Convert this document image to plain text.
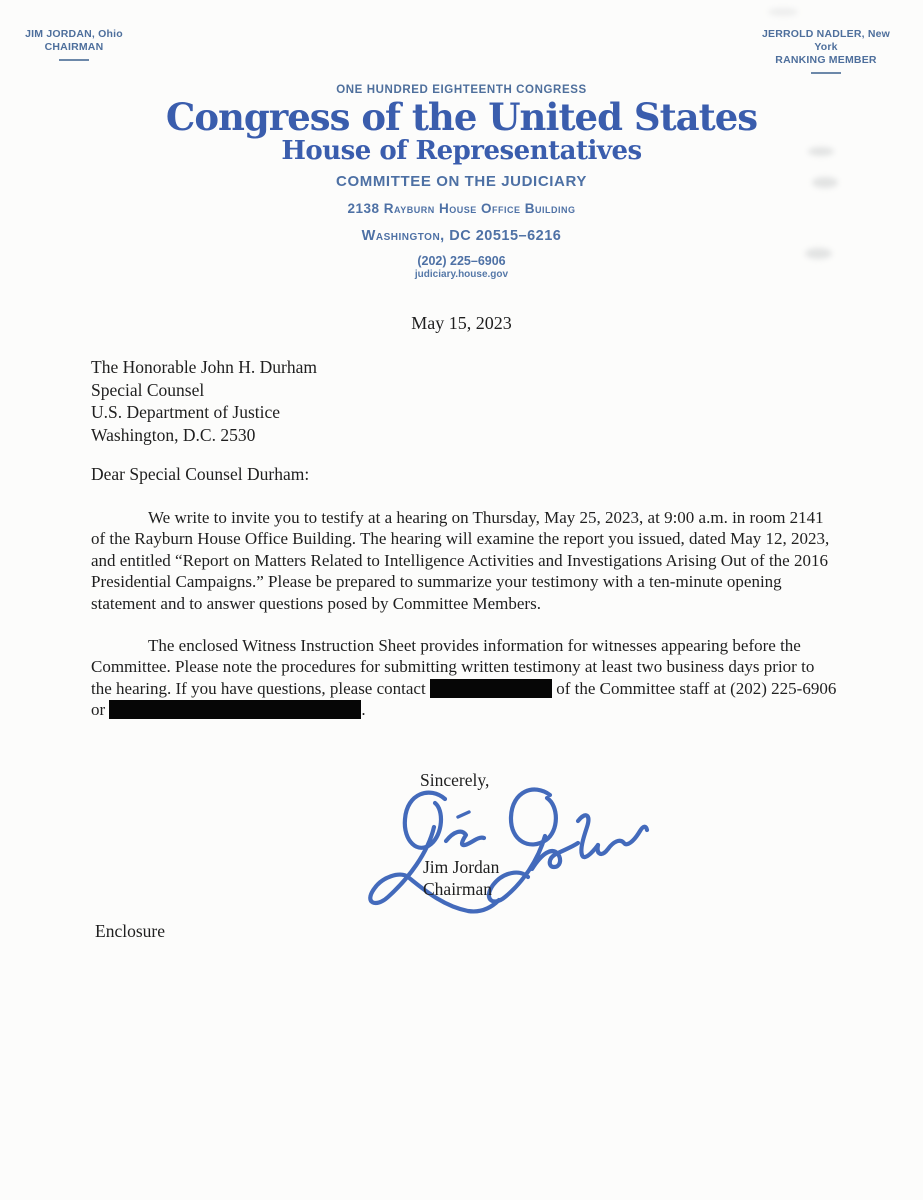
JIM JORDAN, Ohio
CHAIRMAN
JERROLD NADLER, New York
RANKING MEMBER
ONE HUNDRED EIGHTEENTH CONGRESS
Congress of the United States
House of Representatives
COMMITTEE ON THE JUDICIARY
2138 Rayburn House Office Building
Washington, DC 20515–6216
(202) 225–6906
judiciary.house.gov
May 15, 2023
The Honorable John H. Durham
Special Counsel
U.S. Department of Justice
Washington, D.C. 2530
Dear Special Counsel Durham:

We write to invite you to testify at a hearing on Thursday, May 25, 2023, at 9:00 a.m. in room 2141 of the Rayburn House Office Building. The hearing will examine the report you issued, dated May 12, 2023, and entitled “Report on Matters Related to Intelligence Activities and Investigations Arising Out of the 2016 Presidential Campaigns.” Please be prepared to summarize your testimony with a ten-minute opening statement and to answer questions posed by Committee Members.

The enclosed Witness Instruction Sheet provides information for witnesses appearing before the Committee. Please note the procedures for submitting written testimony at least two business days prior to the hearing. If you have questions, please contact	of the Committee staff at (202) 225-6906 or	.

Sincerely,
Jim Jordan
Chairman
Enclosure
